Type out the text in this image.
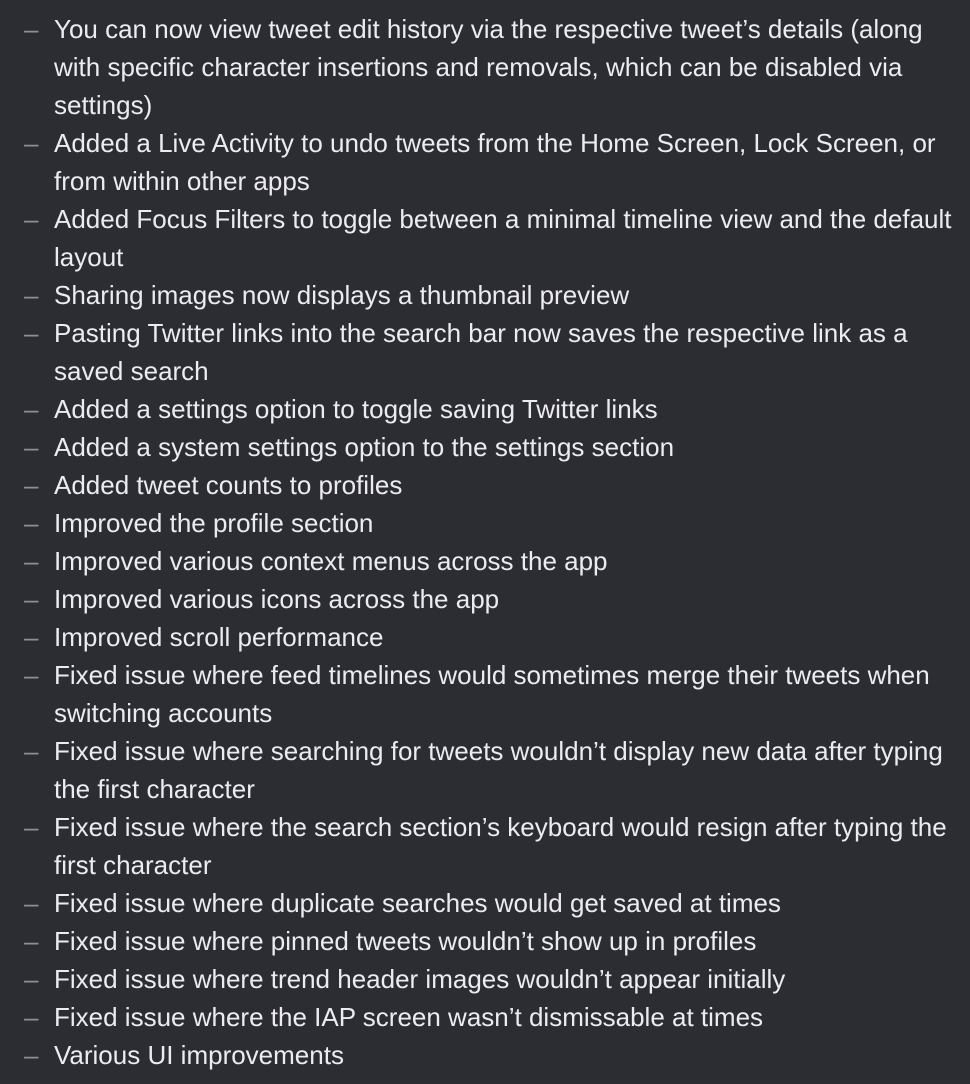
– You can now view tweet edit history via the respective tweet’s details (along with specific character insertions and removals, which can be disabled via settings)
– Added a Live Activity to undo tweets from the Home Screen, Lock Screen, or from within other apps
– Added Focus Filters to toggle between a minimal timeline view and the default layout
– Sharing images now displays a thumbnail preview
– Pasting Twitter links into the search bar now saves the respective link as a saved search
– Added a settings option to toggle saving Twitter links
– Added a system settings option to the settings section
– Added tweet counts to profiles
– Improved the profile section
– Improved various context menus across the app
– Improved various icons across the app
– Improved scroll performance
– Fixed issue where feed timelines would sometimes merge their tweets when switching accounts
– Fixed issue where searching for tweets wouldn’t display new data after typing the first character
– Fixed issue where the search section’s keyboard would resign after typing the first character
– Fixed issue where duplicate searches would get saved at times
– Fixed issue where pinned tweets wouldn’t show up in profiles
– Fixed issue where trend header images wouldn’t appear initially
– Fixed issue where the IAP screen wasn’t dismissable at times
– Various UI improvements
